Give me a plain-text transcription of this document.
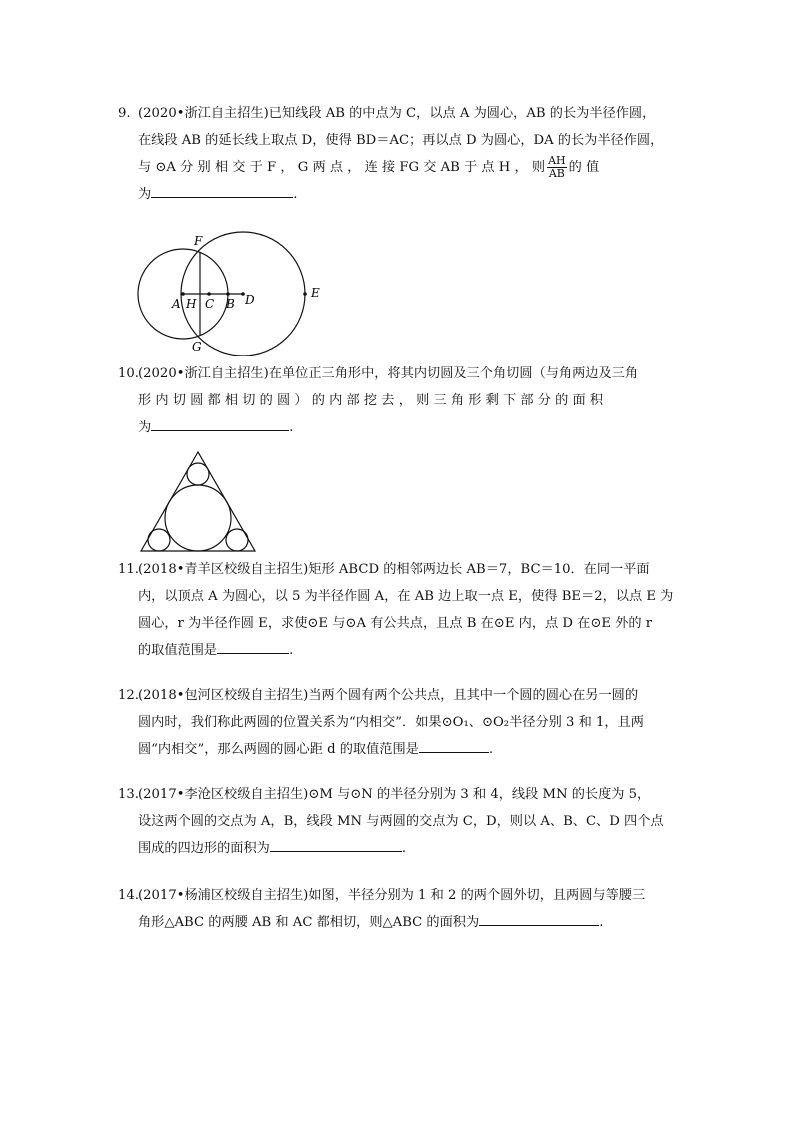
9. (2020•浙江自主招生)已知线段 AB 的中点为 C，以点 A 为圆心，AB 的长为半径作圆，
在线段 AB 的延长线上取点 D，使得 BD＝AC；再以点 D 为圆心，DA 的长为半径作圆，
与 ⊙A 分 别 相 交 于 F ， G 两 点 ， 连 接 FG 交 AB 于 点 H ， 则 $\frac{AH}{AB}$ 的 值
为	.
F
A H C B D	E
G
10.(2020•浙江自主招生)在单位正三角形中，将其内切圆及三个角切圆（与角两边及三角
形 内 切 圆 都 相 切 的 圆 ） 的 内 部 挖 去 ， 则 三 角 形 剩 下 部 分 的 面 积
为	.
11.(2018•青羊区校级自主招生)矩形 ABCD 的相邻两边长 AB＝7，BC＝10．在同一平面
内，以顶点 A 为圆心，以 5 为半径作圆 A，在 AB 边上取一点 E，使得 BE＝2，以点 E 为
圆心，r 为半径作圆 E，求使⊙E 与⊙A 有公共点，且点 B 在⊙E 内，点 D 在⊙E 外的 r
的取值范围是	.
12.(2018•包河区校级自主招生)当两个圆有两个公共点，且其中一个圆的圆心在另一圆的
圆内时，我们称此两圆的位置关系为“内相交”．如果⊙O₁、⊙O₂半径分别 3 和 1，且两
圆“内相交”，那么两圆的圆心距 d 的取值范围是	.
13.(2017•李沧区校级自主招生)⊙M 与⊙N 的半径分别为 3 和 4，线段 MN 的长度为 5，
设这两个圆的交点为 A，B，线段 MN 与两圆的交点为 C，D，则以 A、B、C、D 四个点
围成的四边形的面积为	.
14.(2017•杨浦区校级自主招生)如图，半径分别为 1 和 2 的两个圆外切，且两圆与等腰三
角形△ABC 的两腰 AB 和 AC 都相切，则△ABC 的面积为	.
